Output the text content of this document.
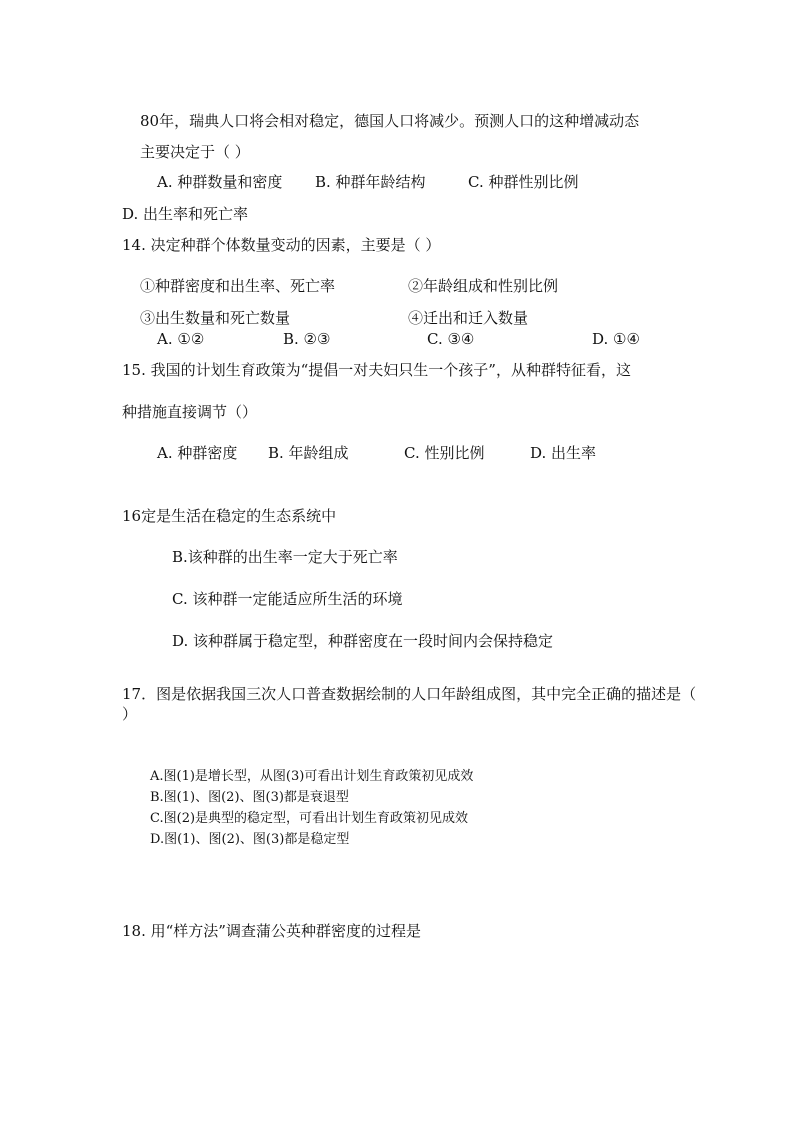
80年，瑞典人口将会相对稳定，德国人口将减少。预测人口的这种增减动态
主要决定于（ ）
A. 种群数量和密度 B. 种群年龄结构	C. 种群性别比例
D. 出生率和死亡率
14. 决定种群个体数量变动的因素，主要是（ ）
①种群密度和出生率、死亡率	②年龄组成和性别比例
③出生数量和死亡数量	④迁出和迁入数量
A. ①②	B. ②③	C. ③④	D. ①④
15. 我国的计划生育政策为“提倡一对夫妇只生一个孩子”，从种群特征看，这
种措施直接调节（）
A. 种群密度 B. 年龄组成	C. 性别比例	D. 出生率
16定是生活在稳定的生态系统中
B.该种群的出生率一定大于死亡率
C. 该种群一定能适应所生活的环境
D. 该种群属于稳定型，种群密度在一段时间内会保持稳定
17．图是依据我国三次人口普查数据绘制的人口年龄组成图，其中完全正确的描述是（
）
A.图(1)是增长型，从图(3)可看出计划生育政策初见成效
B.图(1)、图(2)、图(3)都是衰退型
C.图(2)是典型的稳定型，可看出计划生育政策初见成效
D.图(1)、图(2)、图(3)都是稳定型
18. 用“样方法”调查蒲公英种群密度的过程是
